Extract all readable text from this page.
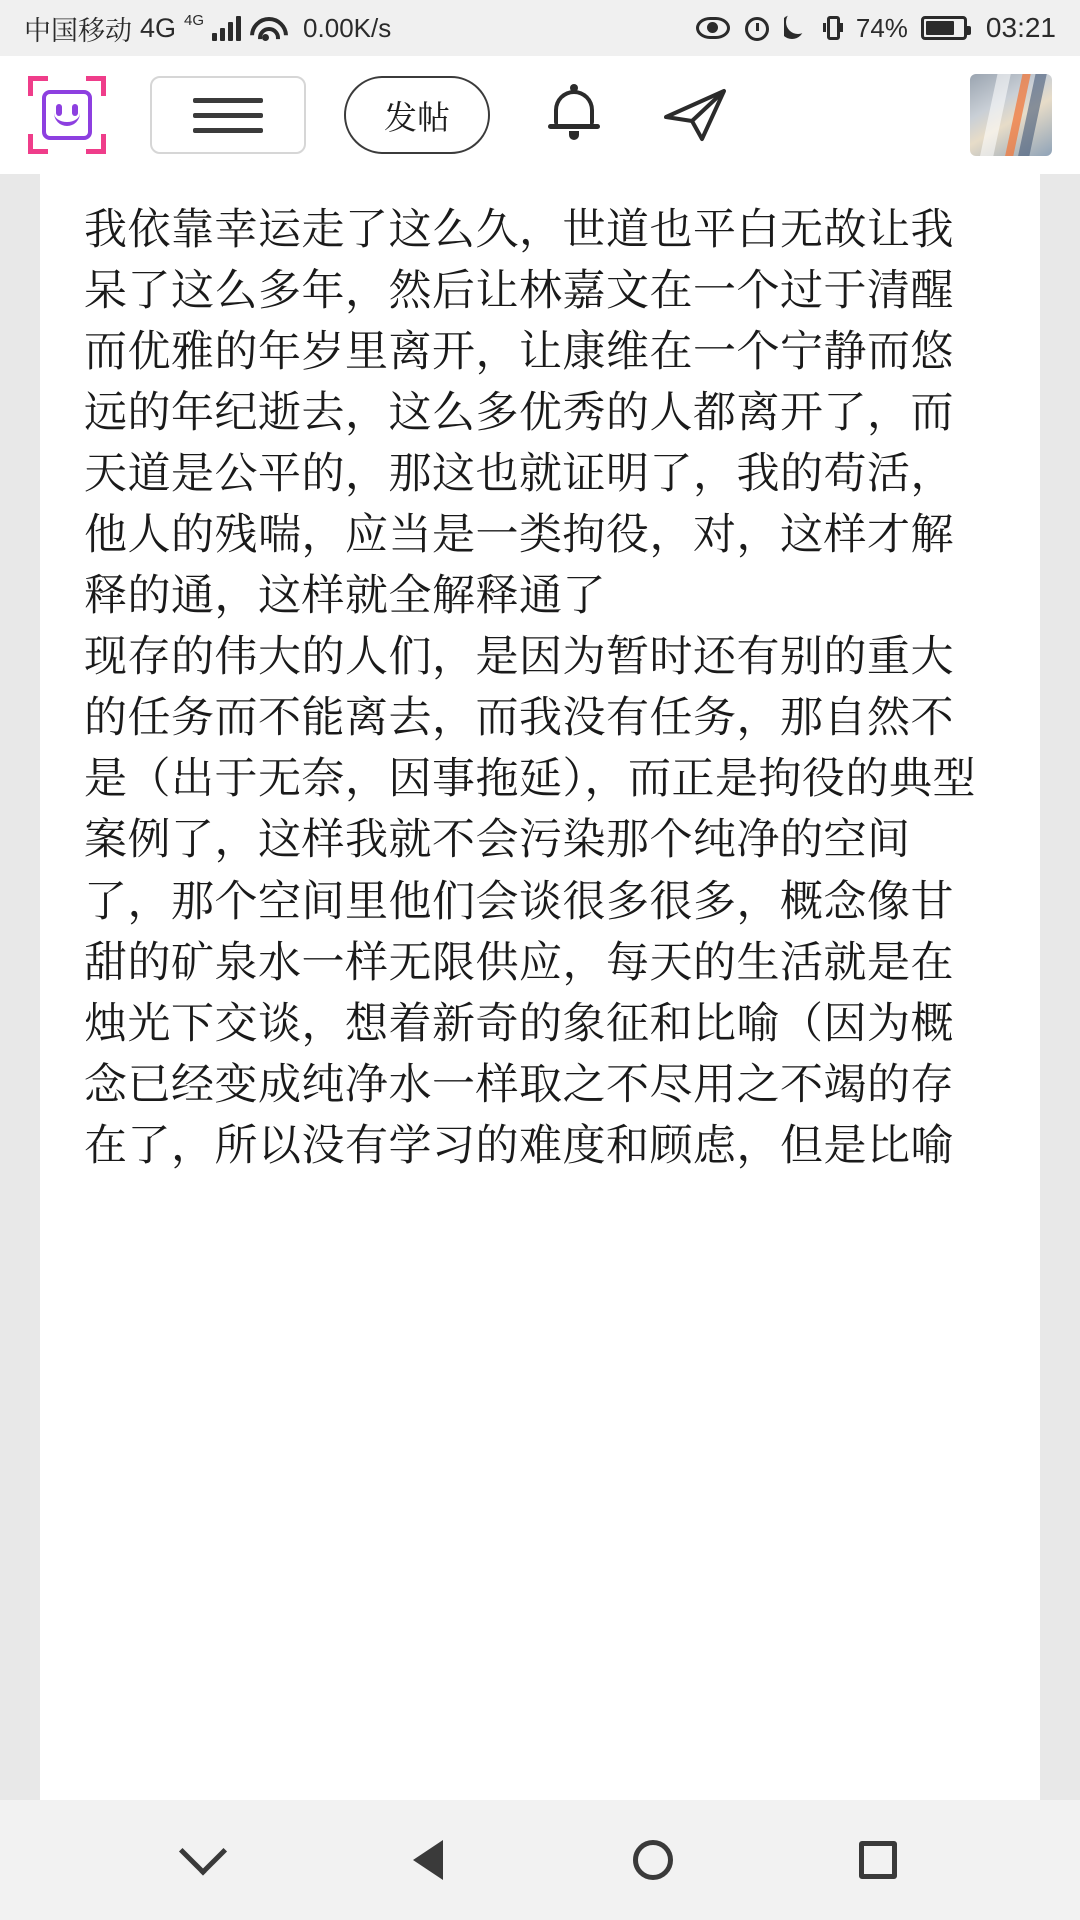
中国移动 4G 4G	0.00K/s	74%	03:21
发帖

我依靠幸运走了这么久，世道也平白无故让我呆了这么多年，然后让林嘉文在一个过于清醒而优雅的年岁里离开，让康维在一个宁静而悠远的年纪逝去，这么多优秀的人都离开了，而天道是公平的，那这也就证明了，我的苟活，他人的残喘，应当是一类拘役，对，这样才解释的通，这样就全解释通了

现存的伟大的人们，是因为暂时还有别的重大的任务而不能离去，而我没有任务，那自然不是（出于无奈，因事拖延），而正是拘役的典型案例了，这样我就不会污染那个纯净的空间了，那个空间里他们会谈很多很多，概念像甘甜的矿泉水一样无限供应，每天的生活就是在烛光下交谈，想着新奇的象征和比喻（因为概念已经变成纯净水一样取之不尽用之不竭的存在了，所以没有学习的难度和顾虑，但是比喻
